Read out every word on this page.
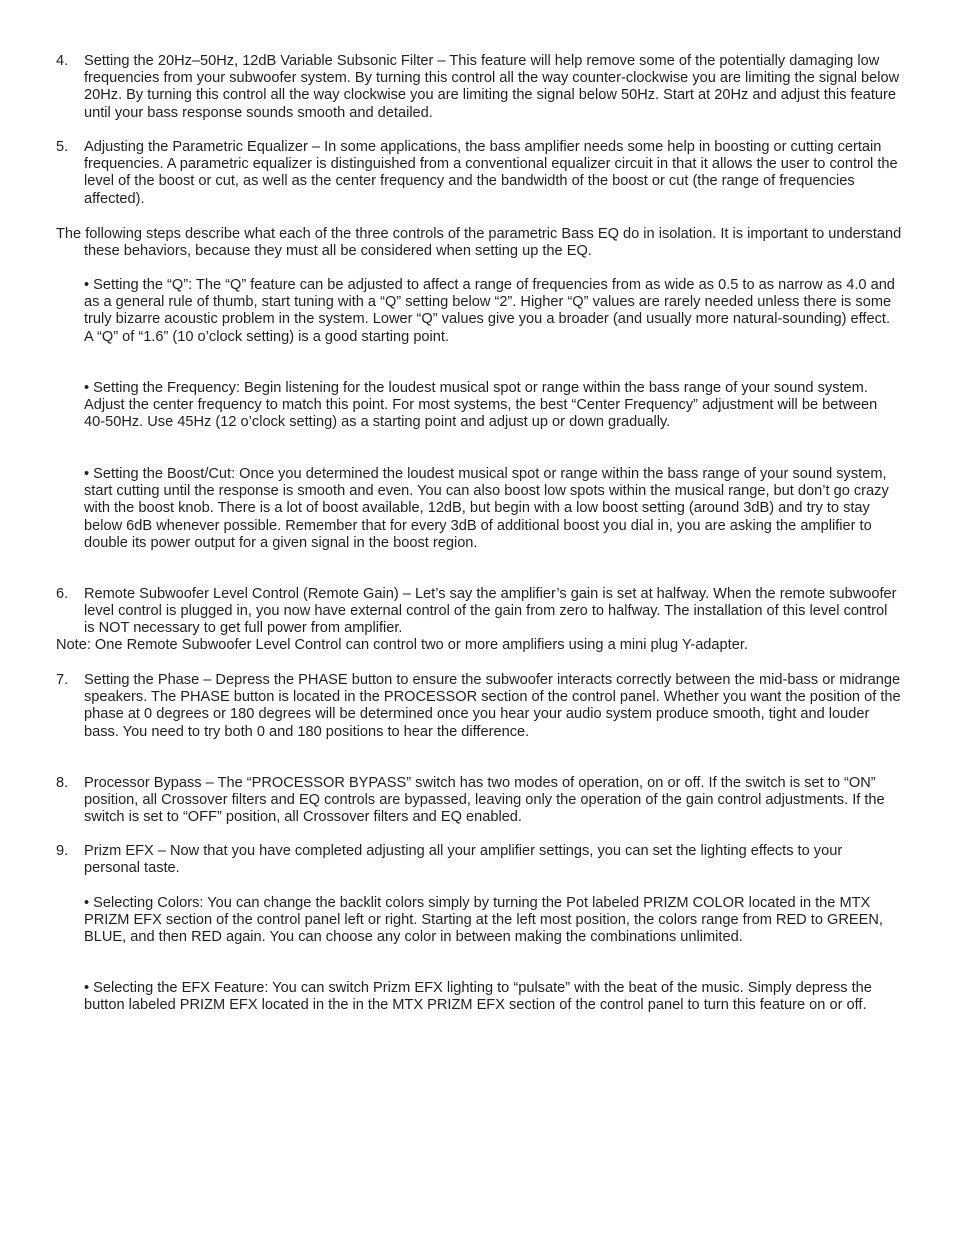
4.	Setting the 20Hz–50Hz, 12dB Variable Subsonic Filter – This feature will help remove some of the potentially damaging low frequencies from your subwoofer system. By turning this control all the way counter-clockwise you are limiting the signal below 20Hz. By turning this control all the way clockwise you are limiting the signal below 50Hz. Start at 20Hz and adjust this feature until your bass response sounds smooth and detailed.

5.	Adjusting the Parametric Equalizer – In some applications, the bass amplifier needs some help in boosting or cutting certain frequencies. A parametric equalizer is distinguished from a conventional equalizer circuit in that it allows the user to control the level of the boost or cut, as well as the center frequency and the bandwidth of the boost or cut (the range of frequencies affected).

The following steps describe what each of the three controls of the parametric Bass EQ do in isolation. It is important to understand these behaviors, because they must all be considered when setting up the EQ.

• Setting the “Q”: The “Q” feature can be adjusted to affect a range of frequencies from as wide as 0.5 to as narrow as 4.0 and as a general rule of thumb, start tuning with a “Q” setting below “2”. Higher “Q” values are rarely needed unless there is some truly bizarre acoustic problem in the system. Lower “Q” values give you a broader (and usually more natural-sounding) effect. A “Q” of “1.6” (10 o’clock setting) is a good starting point.

• Setting the Frequency: Begin listening for the loudest musical spot or range within the bass range of your sound system. Adjust the center frequency to match this point. For most systems, the best “Center Frequency” adjustment will be between 40-50Hz. Use 45Hz (12 o’clock setting) as a starting point and adjust up or down gradually.

• Setting the Boost/Cut: Once you determined the loudest musical spot or range within the bass range of your sound system, start cutting until the response is smooth and even. You can also boost low spots within the musical range, but don’t go crazy with the boost knob. There is a lot of boost available, 12dB, but begin with a low boost setting (around 3dB) and try to stay below 6dB whenever possible. Remember that for every 3dB of additional boost you dial in, you are asking the amplifier to double its power output for a given signal in the boost region.

6.	Remote Subwoofer Level Control (Remote Gain) – Let’s say the amplifier’s gain is set at halfway. When the remote subwoofer level control is plugged in, you now have external control of the gain from zero to halfway. The installation of this level control is NOT necessary to get full power from amplifier.

Note: One Remote Subwoofer Level Control can control two or more amplifiers using a mini plug Y-adapter.

7.	Setting the Phase – Depress the PHASE button to ensure the subwoofer interacts correctly between the mid-bass or midrange speakers. The PHASE button is located in the PROCESSOR section of the control panel. Whether you want the position of the phase at 0 degrees or 180 degrees will be determined once you hear your audio system produce smooth, tight and louder bass. You need to try both 0 and 180 positions to hear the difference.

8.	Processor Bypass – The “PROCESSOR BYPASS” switch has two modes of operation, on or off. If the switch is set to “ON” position, all Crossover filters and EQ controls are bypassed, leaving only the operation of the gain control adjustments. If the switch is set to “OFF” position, all Crossover filters and EQ enabled.

9.	Prizm EFX – Now that you have completed adjusting all your amplifier settings, you can set the lighting effects to your personal taste.

• Selecting Colors: You can change the backlit colors simply by turning the Pot labeled PRIZM COLOR located in the MTX PRIZM EFX section of the control panel left or right. Starting at the left most position, the colors range from RED to GREEN, BLUE, and then RED again. You can choose any color in between making the combinations unlimited.

• Selecting the EFX Feature: You can switch Prizm EFX lighting to “pulsate” with the beat of the music. Simply depress the button labeled PRIZM EFX located in the in the MTX PRIZM EFX section of the control panel to turn this feature on or off.
